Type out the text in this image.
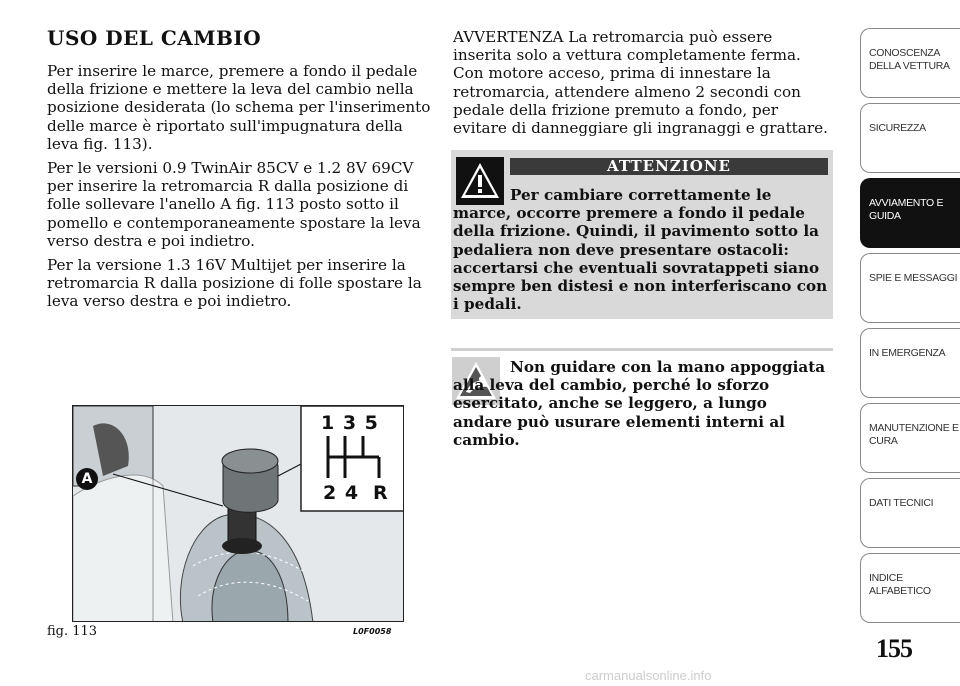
USO DEL CAMBIO

Per inserire le marce, premere a fondo il pedale della frizione e mettere la leva del cambio nella posizione desiderata (lo schema per l'inserimento delle marce è riportato sull'impugnatura della leva fig. 113).

Per le versioni 0.9 TwinAir 85CV e 1.2 8V 69CV per inserire la retromarcia R dalla posizione di folle sollevare l'anello A fig. 113 posto sotto il pomello e contemporaneamente spostare la leva verso destra e poi indietro.

Per la versione 1.3 16V Multijet per inserire la retromarcia R dalla posizione di folle spostare la leva verso destra e poi indietro.

AVVERTENZA La retromarcia può essere inserita solo a vettura completamente ferma. Con motore acceso, prima di innestare la retromarcia, attendere almeno 2 secondi con pedale della frizione premuto a fondo, per evitare di danneggiare gli ingranaggi e grattare.
ATTENZIONE
Per cambiare correttamente le marce, occorre premere a fondo il pedale della frizione. Quindi, il pavimento sotto la pedaliera non deve presentare ostacoli: accertarsi che eventuali sovratappeti siano sempre ben distesi e non interferiscano con i pedali.
Non guidare con la mano appoggiata alla leva del cambio, perché lo sforzo esercitato, anche se leggero, a lungo andare può usurare elementi interni al cambio.
1 3 5
2 4 R
A
fig. 113	L0F0058
CONOSCENZA DELLA VETTURA
SICUREZZA
AVVIAMENTO E GUIDA
SPIE E MESSAGGI
IN EMERGENZA
MANUTENZIONE E CURA
DATI TECNICI
INDICE ALFABETICO
155
carmanualsonline.info
